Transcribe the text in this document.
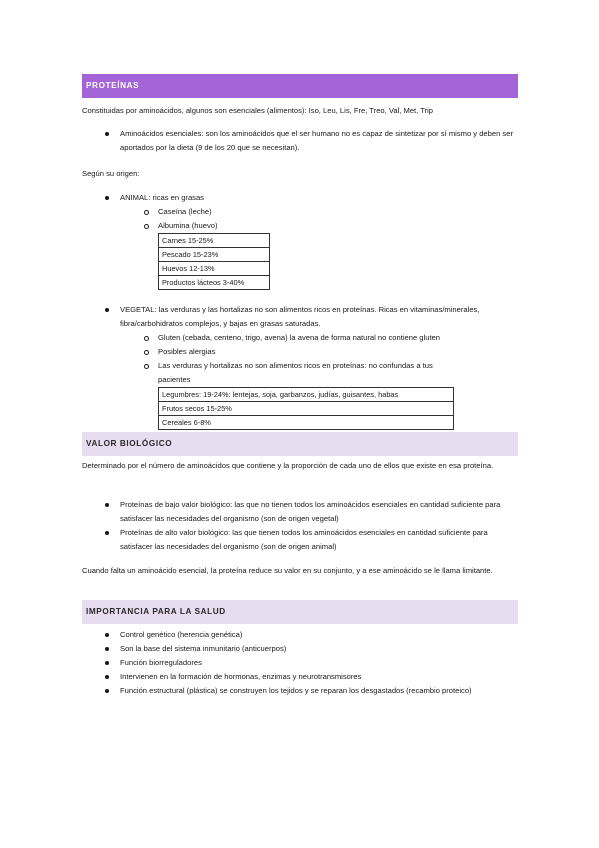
PROTEÍNAS

Constituidas por aminoácidos, algunos son esenciales (alimentos): Iso, Leu, Lis, Fre, Treo, Val, Met, Trip

Aminoácidos esenciales: son los aminoácidos que el ser humano no es capaz de sintetizar por sí mismo y deben ser aportados por la dieta (9 de los 20 que se necesitan).

Según su origen:

ANIMAL: ricas en grasas
Caseína (leche)
Albumina (huevo)
Carnes 15-25%
Pescado 15-23%
Huevos 12-13%
Productos lácteos 3-40%
VEGETAL: las verduras y las hortalizas no son alimentos ricos en proteínas. Ricas en vitaminas/minerales, fibra/carbohidratos complejos, y bajas en grasas saturadas.
Gluten (cebada, centeno, trigo, avena) la avena de forma natural no contiene gluten
Posibles alergias
Las verduras y hortalizas no son alimentos ricos en proteínas: no confundas a tus pacientes
Legumbres: 19-24%: lentejas, soja, garbanzos, judías, guisantes, habas
Frutos secos 15-25%
Cereales 6-8%
VALOR BIOLÓGICO

Determinado por el número de aminoácidos que contiene y la proporción de cada uno de ellos que existe en esa proteína.

Proteínas de bajo valor biológico: las que no tienen todos los aminoácidos esenciales en cantidad suficiente para satisfacer las necesidades del organismo (son de origen vegetal)
Proteínas de alto valor biológico: las que tienen todos los aminoácidos esenciales en cantidad suficiente para satisfacer las necesidades del organismo (son de origen animal)

Cuando falta un aminoácido esencial, la proteína reduce su valor en su conjunto, y a ese aminoácido se le llama limitante.

IMPORTANCIA PARA LA SALUD
Control genético (herencia genética)
Son la base del sistema inmunitario (anticuerpos)
Función biorreguladores
Intervienen en la formación de hormonas, enzimas y neurotransmisores
Función estructural (plástica) se construyen los tejidos y se reparan los desgastados (recambio proteico)
